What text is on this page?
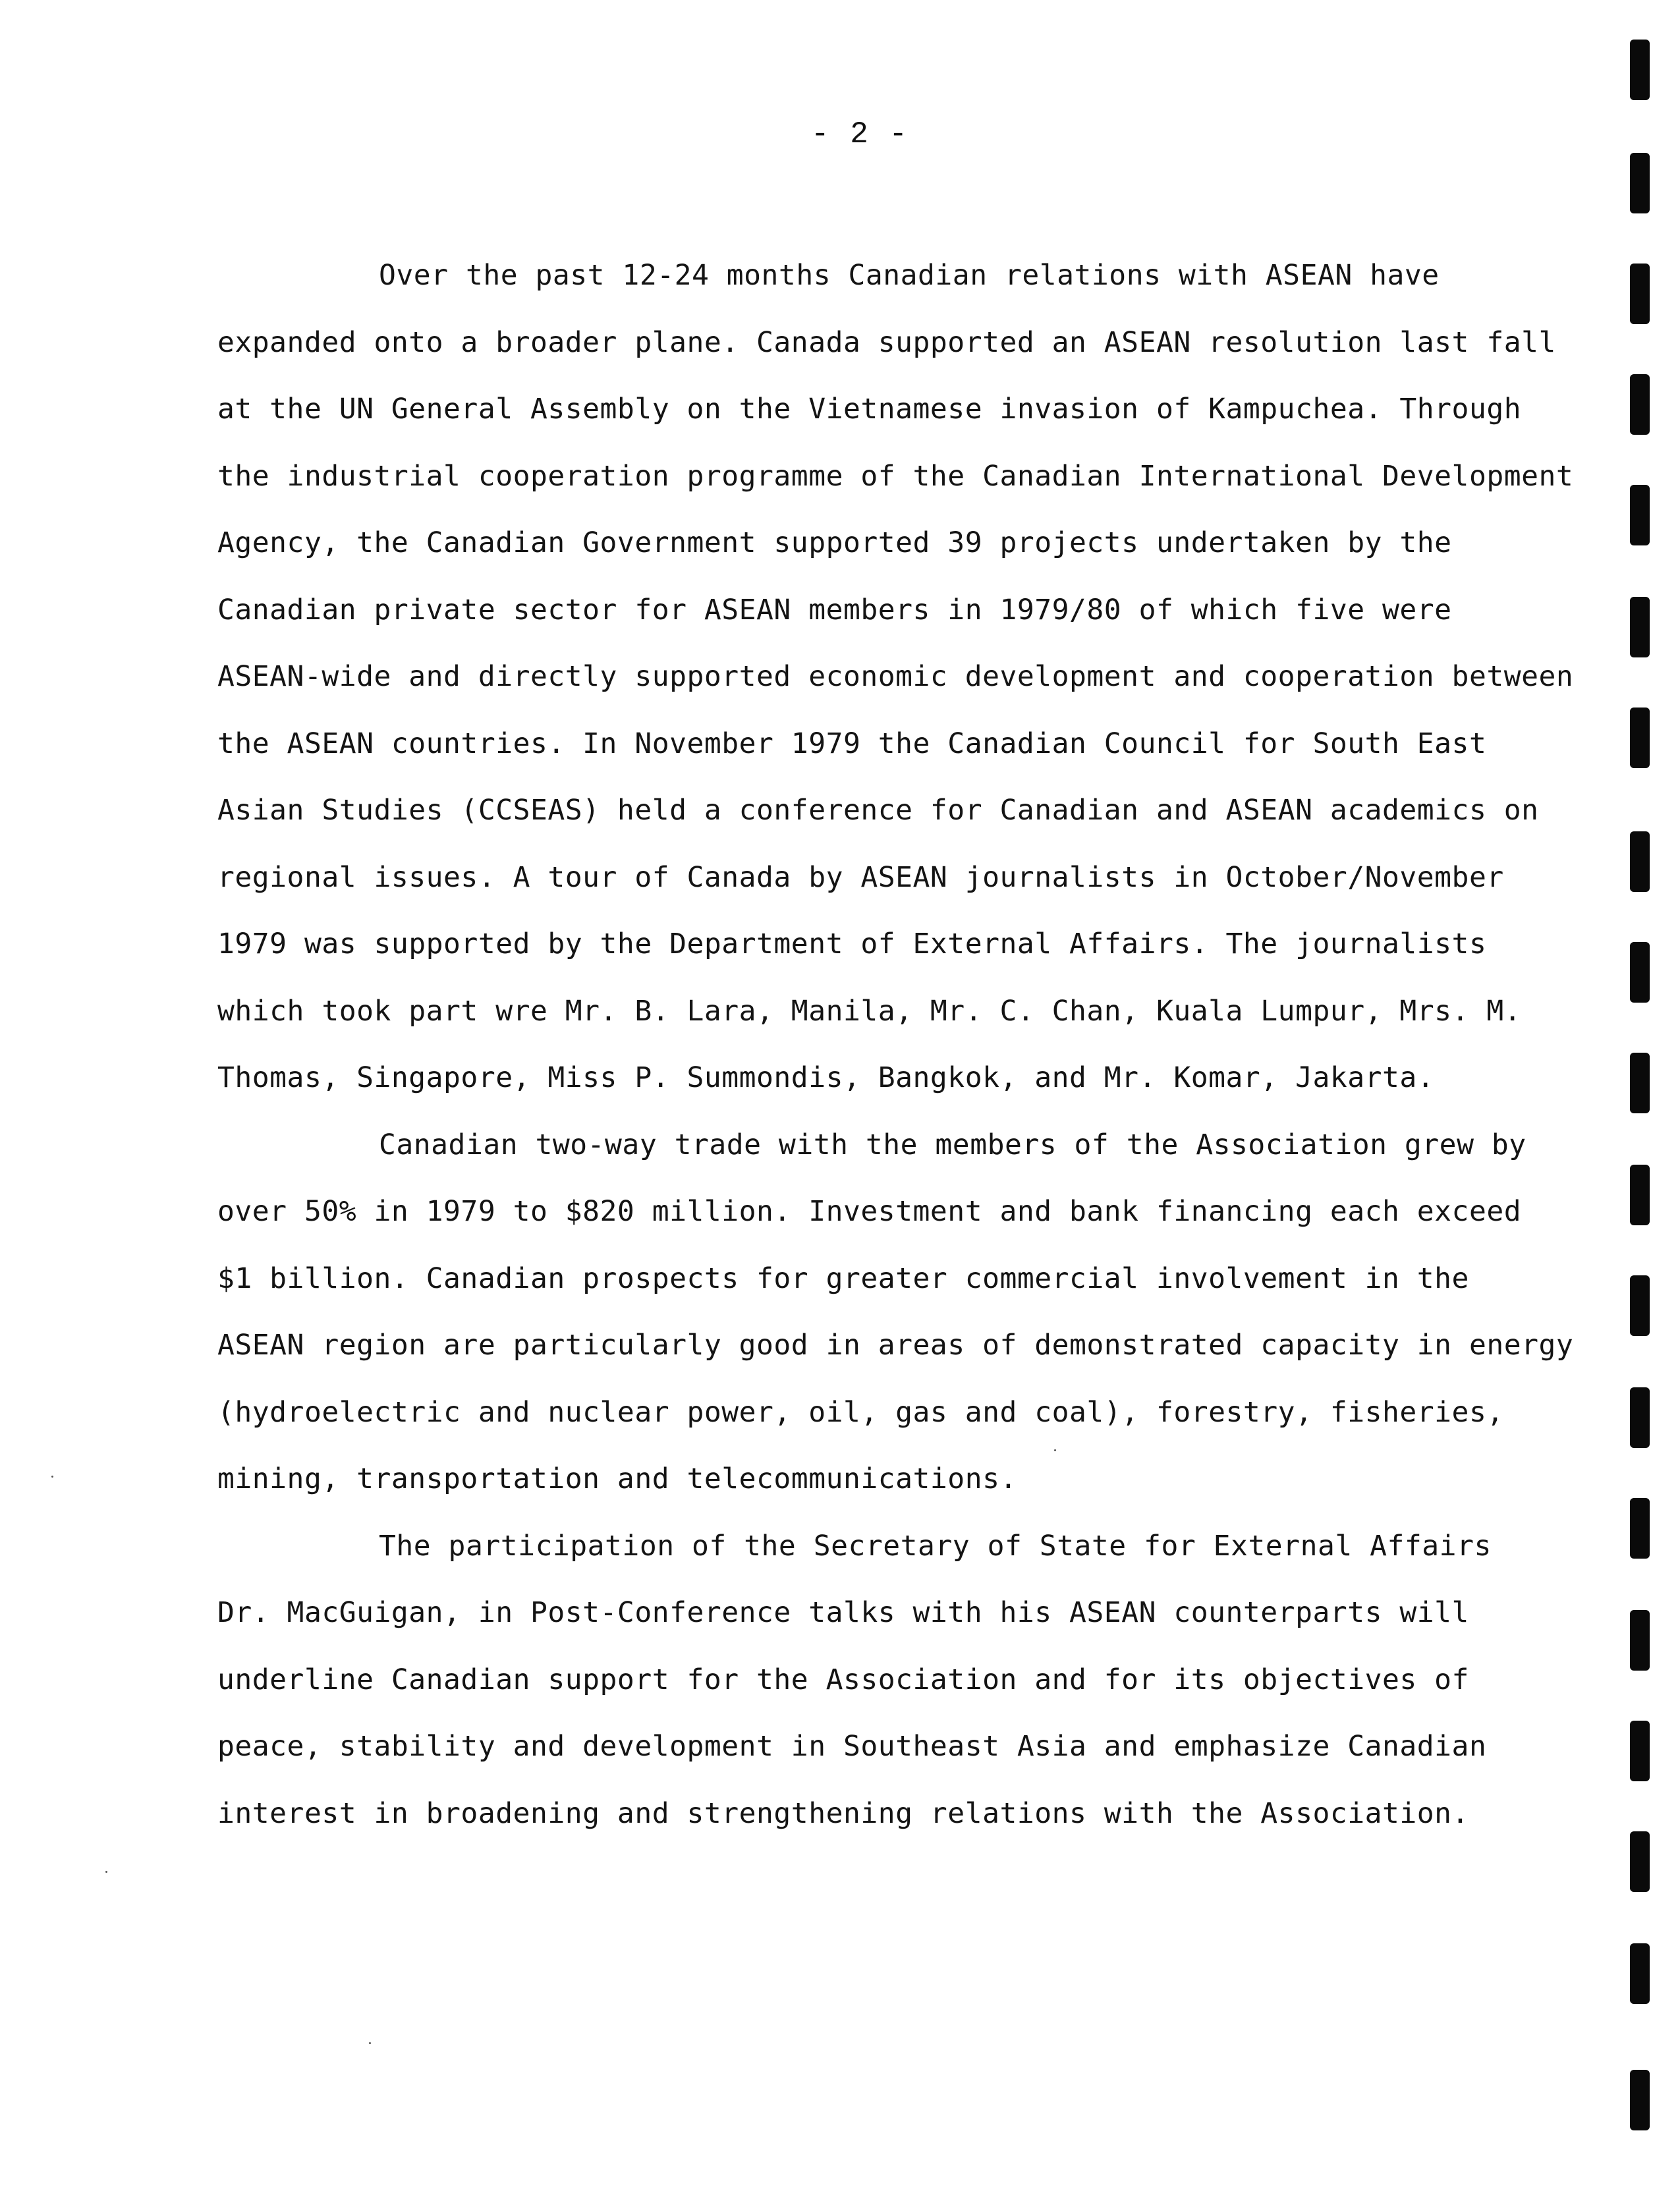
- 2 -
Over the past 12-24 months Canadian relations with ASEAN have
expanded onto a broader plane. Canada supported an ASEAN resolution last fall
at the UN General Assembly on the Vietnamese invasion of Kampuchea. Through
the industrial cooperation programme of the Canadian International Development
Agency, the Canadian Government supported 39 projects undertaken by the
Canadian private sector for ASEAN members in 1979/80 of which five were
ASEAN-wide and directly supported economic development and cooperation between
the ASEAN countries. In November 1979 the Canadian Council for South East
Asian Studies (CCSEAS) held a conference for Canadian and ASEAN academics on
regional issues. A tour of Canada by ASEAN journalists in October/November
1979 was supported by the Department of External Affairs. The journalists
which took part wre Mr. B. Lara, Manila, Mr. C. Chan, Kuala Lumpur, Mrs. M.
Thomas, Singapore, Miss P. Summondis, Bangkok, and Mr. Komar, Jakarta.
Canadian two-way trade with the members of the Association grew by
over 50% in 1979 to $820 million. Investment and bank financing each exceed
$1 billion. Canadian prospects for greater commercial involvement in the
ASEAN region are particularly good in areas of demonstrated capacity in energy
(hydroelectric and nuclear power, oil, gas and coal), forestry, fisheries,
mining, transportation and telecommunications.
The participation of the Secretary of State for External Affairs
Dr. MacGuigan, in Post-Conference talks with his ASEAN counterparts will
underline Canadian support for the Association and for its objectives of
peace, stability and development in Southeast Asia and emphasize Canadian
interest in broadening and strengthening relations with the Association.
